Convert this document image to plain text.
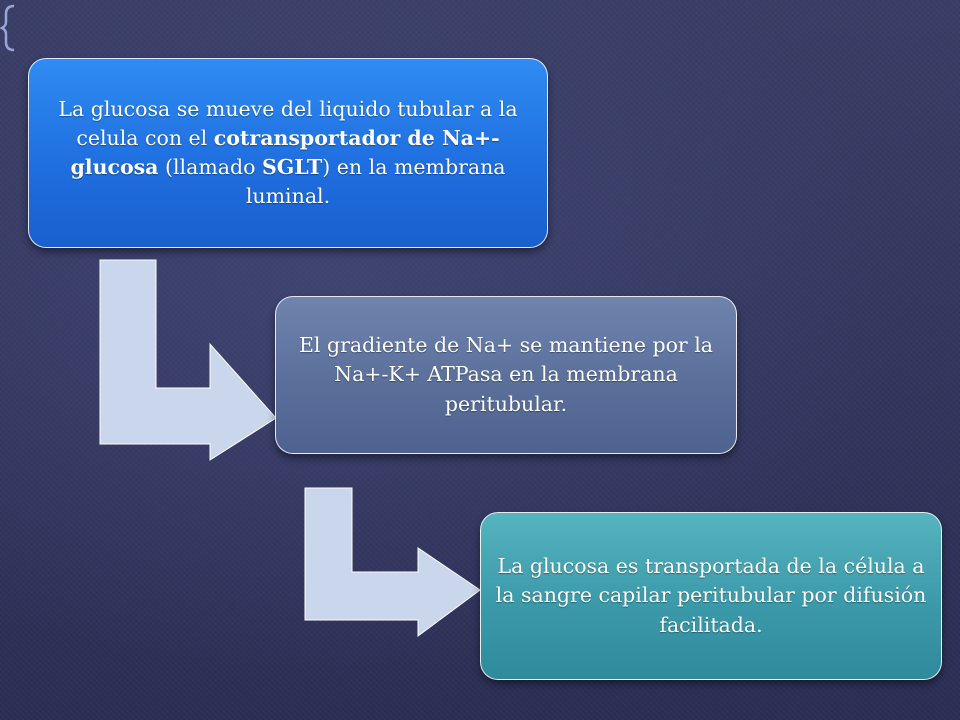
La glucosa se mueve del liquido tubular a la celula con el cotransportador de Na+-glucosa (llamado SGLT) en la membrana luminal.
El gradiente de Na+ se mantiene por la Na+-K+ ATPasa en la membrana peritubular.
La glucosa es transportada de la célula a la sangre capilar peritubular por difusión facilitada.
